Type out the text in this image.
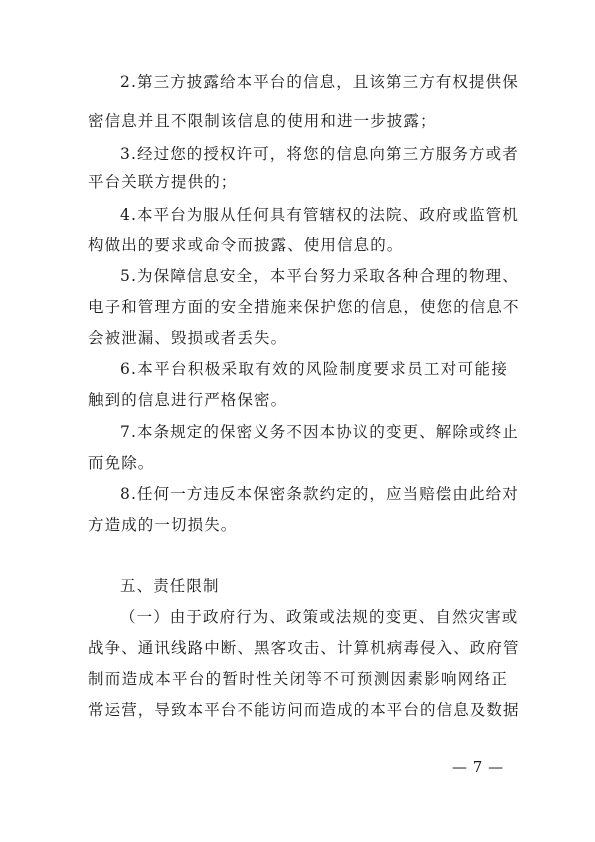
2.第三方披露给本平台的信息，且该第三方有权提供保
密信息并且不限制该信息的使用和进一步披露；
3.经过您的授权许可，将您的信息向第三方服务方或者
平台关联方提供的；
4.本平台为服从任何具有管辖权的法院、政府或监管机
构做出的要求或命令而披露、使用信息的。
5.为保障信息安全，本平台努力采取各种合理的物理、
电子和管理方面的安全措施来保护您的信息，使您的信息不
会被泄漏、毁损或者丢失。
6.本平台积极采取有效的风险制度要求员工对可能接
触到的信息进行严格保密。
7.本条规定的保密义务不因本协议的变更、解除或终止
而免除。
8.任何一方违反本保密条款约定的，应当赔偿由此给对
方造成的一切损失。
五、责任限制
（一）由于政府行为、政策或法规的变更、自然灾害或
战争、通讯线路中断、黑客攻击、计算机病毒侵入、政府管
制而造成本平台的暂时性关闭等不可预测因素影响网络正
常运营，导致本平台不能访问而造成的本平台的信息及数据
— 7 —
